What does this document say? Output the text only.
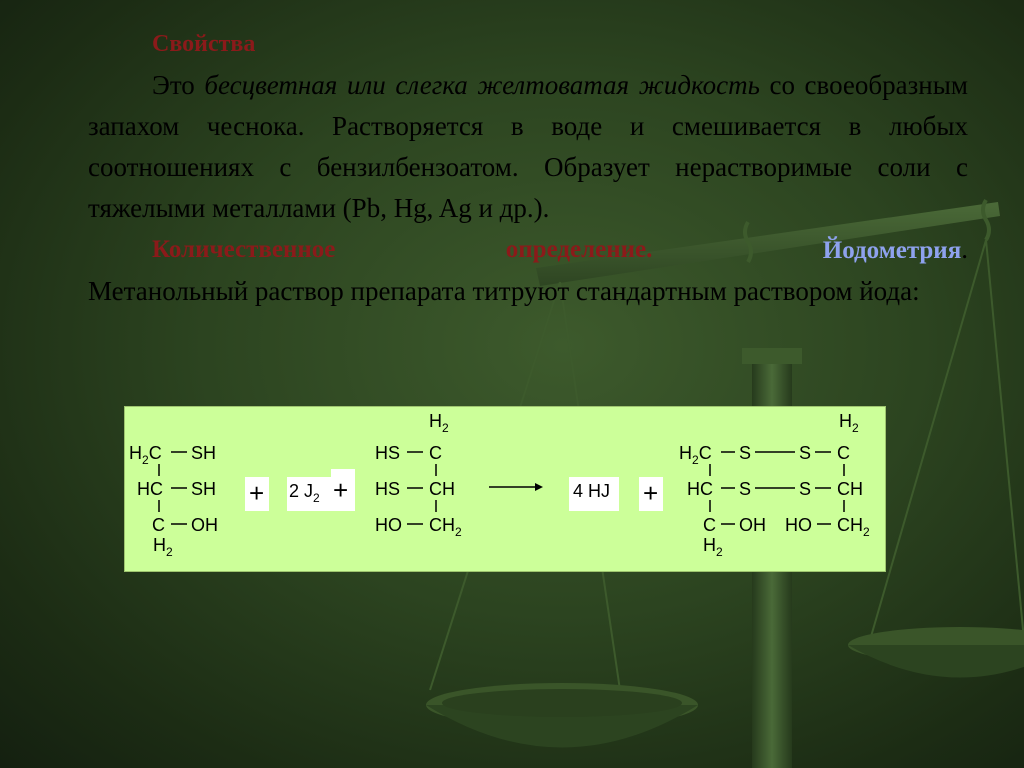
Свойства

Это бесцветная или слегка желтоватая жидкость со своеобразным запахом чеснока. Растворяется в воде и смешивается в любых соотношениях с бензилбензоатом. Образует нерастворимые соли с тяжелыми металлами (Pb, Hg, Ag и др.).

Количественное	определение.	Йодометрия.

Метанольный раствор препарата титруют стандартным раствором йода:

$H_2C$ SH
HC SH
C OH
$H_2$
+ 2 $J_2$ +
$H_2$
HS C
HS CH
HO $CH_2$
4 HJ +
$H_2$
$H_2C$ S	S C
HC S	S CH
C OH HO $CH_2$
$H_2$
